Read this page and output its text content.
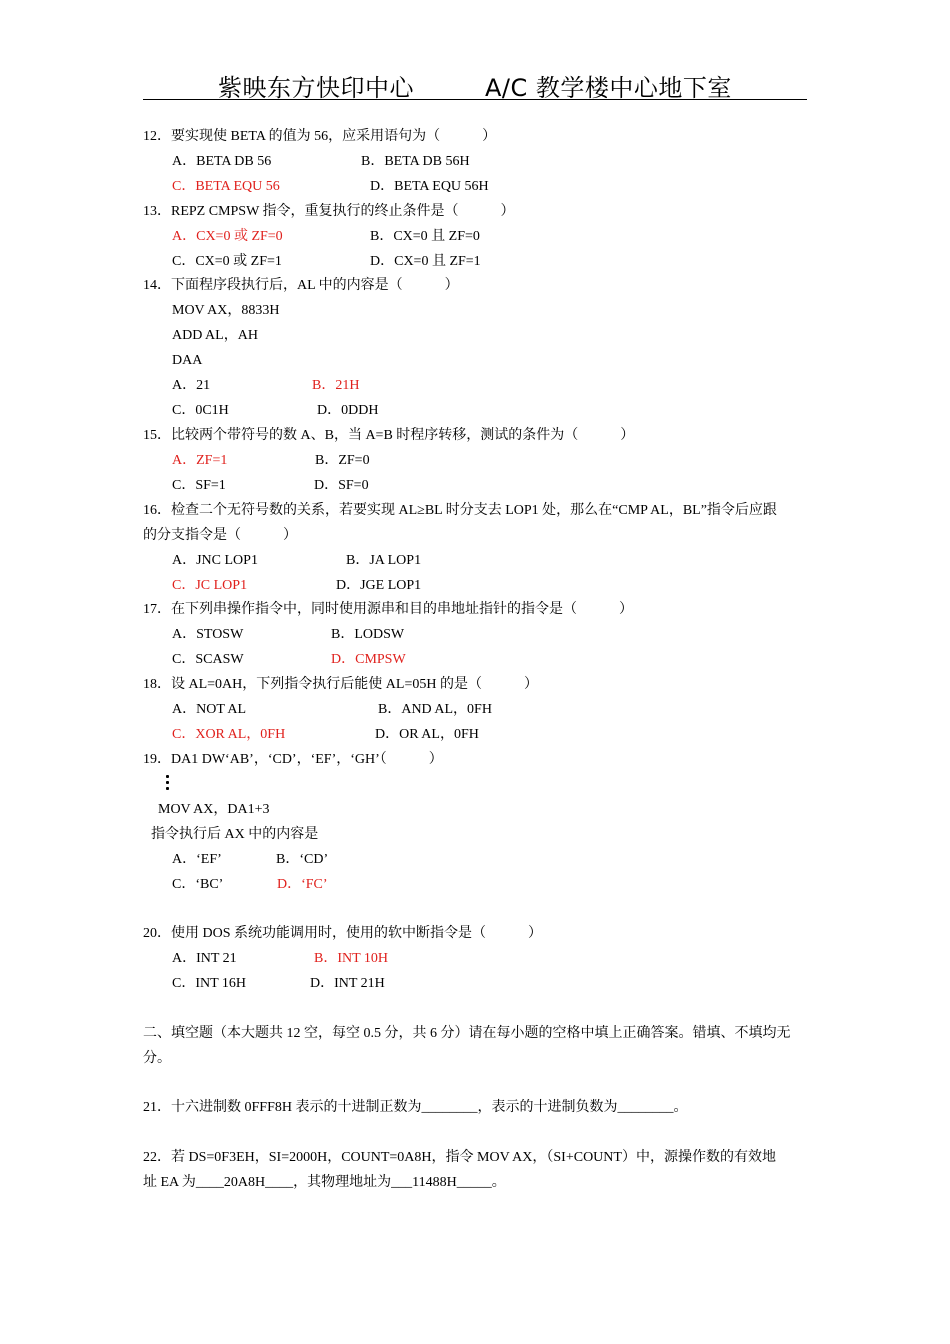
紫映东方快印中心	A/C 教学楼中心地下室
12．要实现使 BETA 的值为 56，应采用语句为（　　　）
A．BETA DB 56	B．BETA DB 56H
C．BETA EQU 56	D．BETA EQU 56H
13．REPZ CMPSW 指令，重复执行的终止条件是（　　　）
A．CX=0 或 ZF=0	B．CX=0 且 ZF=0
C．CX=0 或 ZF=1	D．CX=0 且 ZF=1
14．下面程序段执行后，AL 中的内容是（　　　）
MOV AX，8833H
ADD AL，AH
DAA
A．21	B．21H
C．0C1H	D．0DDH
15．比较两个带符号的数 A、B，当 A=B 时程序转移，测试的条件为（　　　）
A．ZF=1	B．ZF=0
C．SF=1	D．SF=0
16．检查二个无符号数的关系，若要实现 AL≥BL 时分支去 LOP1 处，那么在“CMP AL，BL”指令后应跟
的分支指令是（　　　）
A．JNC LOP1	B．JA LOP1
C．JC LOP1	D．JGE LOP1
17．在下列串操作指令中，同时使用源串和目的串地址指针的指令是（　　　）
A．STOSW	B．LODSW
C．SCASW	D．CMPSW
18．设 AL=0AH，下列指令执行后能使 AL=05H 的是（　　　）
A．NOT AL	B．AND AL，0FH
C．XOR AL，0FH	D．OR AL，0FH
19．DA1 DW‘AB’，‘CD’，‘EF’，‘GH’（　　　）
MOV AX，DA1+3
指令执行后 AX 中的内容是
A．‘EF’	B．‘CD’
C．‘BC’	D．‘FC’
20．使用 DOS 系统功能调用时，使用的软中断指令是（　　　）
A．INT 21	B．INT 10H
C．INT 16H	D．INT 21H
二、填空题（本大题共 12 空，每空 0.5 分，共 6 分）请在每小题的空格中填上正确答案。错填、不填均无
分。
21．十六进制数 0FFF8H 表示的十进制正数为________，表示的十进制负数为________。
22．若 DS=0F3EH，SI=2000H，COUNT=0A8H，指令 MOV AX，（SI+COUNT）中，源操作数的有效地
址 EA 为____20A8H____，其物理地址为___11488H_____。
